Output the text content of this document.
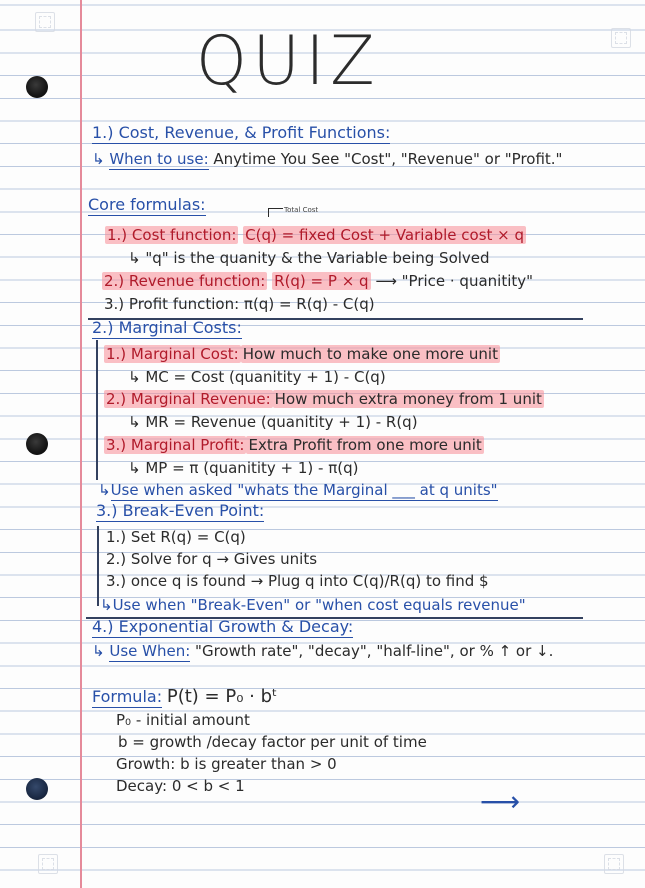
QUIZ
1.) Cost, Revenue, & Profit Functions:
↳ When to use: Anytime You See "Cost", "Revenue" or "Profit."
Core formulas:	Total Cost
1.) Cost function: C(q) = fixed Cost + Variable cost × q
↳ "q" is the quanity & the Variable being Solved
2.) Revenue function: R(q) = P × q ⟶ "Price · quanitity"
3.) Profit function: π(q) = R(q) - C(q)
2.) Marginal Costs:
1.) Marginal Cost: How much to make one more unit
↳ MC = Cost (quanitity + 1) - C(q)
2.) Marginal Revenue: How much extra money from 1 unit
↳ MR = Revenue (quanitity + 1) - R(q)
3.) Marginal Profit: Extra Profit from one more unit
↳ MP = π (quanitity + 1) - π(q)
↳Use when asked "whats the Marginal ___ at q units"
3.) Break-Even Point:
1.) Set R(q) = C(q)
2.) Solve for q → Gives units
3.) once q is found → Plug q into C(q)/R(q) to find $
↳Use when "Break-Even" or "when cost equals revenue"
4.) Exponential Growth & Decay:
↳ Use When: "Growth rate", "decay", "half-line", or % ↑ or ↓.
Formula: P(t) = P₀ · bᵗ
P₀ - initial amount
b = growth /decay factor per unit of time
Growth: b is greater than > 0
Decay: 0 < b < 1	⟶
